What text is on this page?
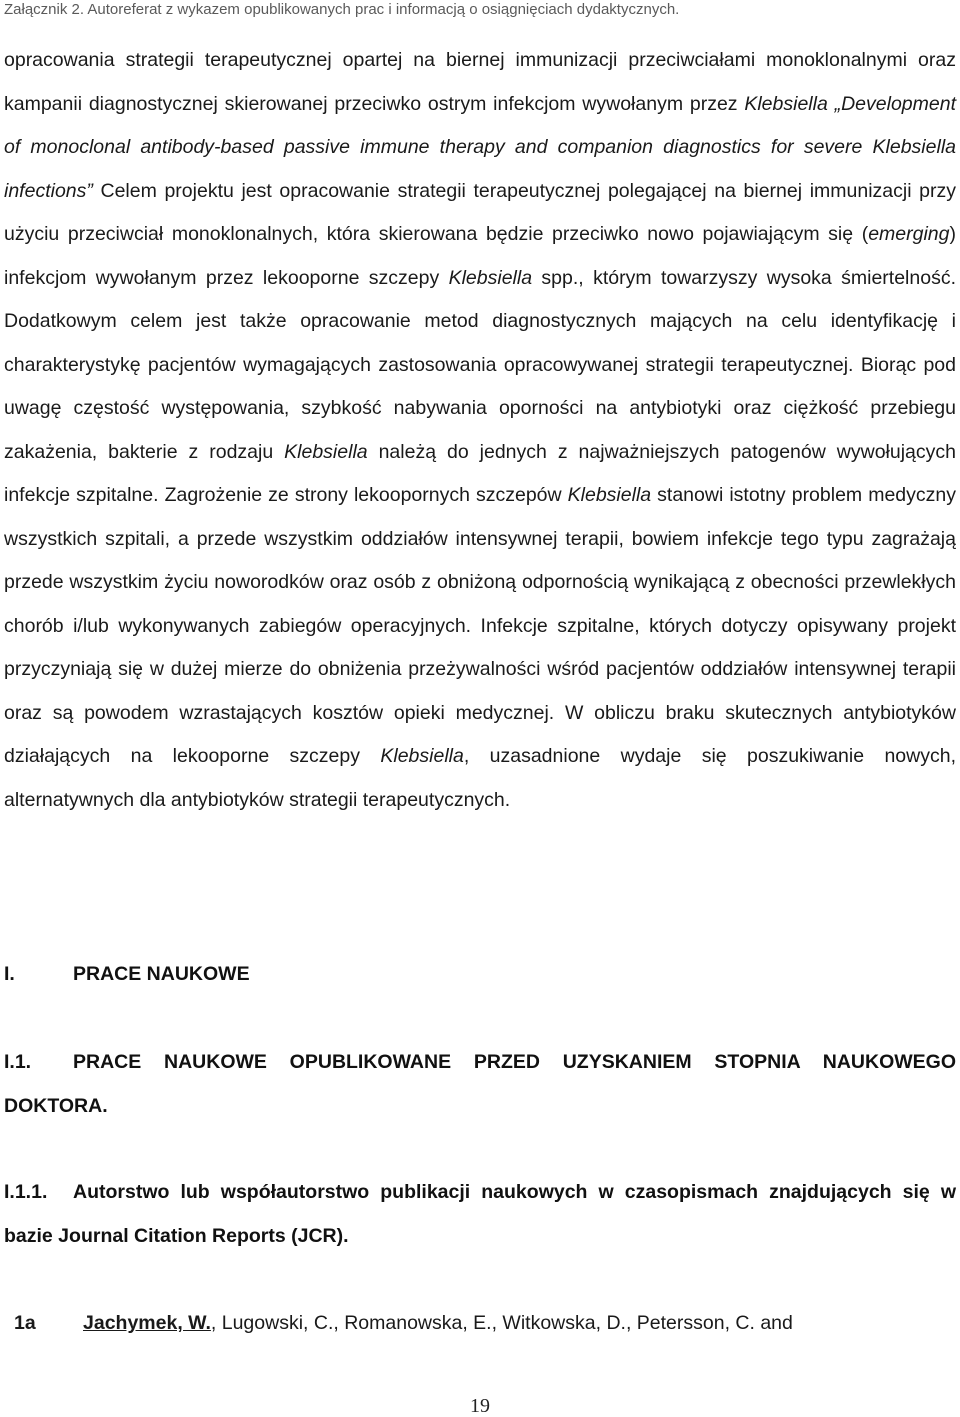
Załącznik 2. Autoreferat z wykazem opublikowanych prac i informacją o osiągnięciach dydaktycznych.

opracowania strategii terapeutycznej opartej na biernej immunizacji przeciwciałami monoklonalnymi oraz kampanii diagnostycznej skierowanej przeciwko ostrym infekcjom wywołanym przez Klebsiella „Development of monoclonal antibody-based passive immune therapy and companion diagnostics for severe Klebsiella infections” Celem projektu jest opracowanie strategii terapeutycznej polegającej na biernej immunizacji przy użyciu przeciwciał monoklonalnych, która skierowana będzie przeciwko nowo pojawiającym się (emerging) infekcjom wywołanym przez lekooporne szczepy Klebsiella spp., którym towarzyszy wysoka śmiertelność. Dodatkowym celem jest także opracowanie metod diagnostycznych mających na celu identyfikację i charakterystykę pacjentów wymagających zastosowania opracowywanej strategii terapeutycznej. Biorąc pod uwagę częstość występowania, szybkość nabywania oporności na antybiotyki oraz ciężkość przebiegu zakażenia, bakterie z rodzaju Klebsiella należą do jednych z najważniejszych patogenów wywołujących infekcje szpitalne. Zagrożenie ze strony lekoopornych szczepów Klebsiella stanowi istotny problem medyczny wszystkich szpitali, a przede wszystkim oddziałów intensywnej terapii, bowiem infekcje tego typu zagrażają przede wszystkim życiu noworodków oraz osób z obniżoną odpornością wynikającą z obecności przewlekłych chorób i/lub wykonywanych zabiegów operacyjnych. Infekcje szpitalne, których dotyczy opisywany projekt przyczyniają się w dużej mierze do obniżenia przeżywalności wśród pacjentów oddziałów intensywnej terapii oraz są powodem wzrastających kosztów opieki medycznej. W obliczu braku skutecznych antybiotyków działających na lekooporne szczepy Klebsiella, uzasadnione wydaje się poszukiwanie nowych, alternatywnych dla antybiotyków strategii terapeutycznych.

I.	PRACE NAUKOWE

I.1. PRACE NAUKOWE OPUBLIKOWANE PRZED UZYSKANIEM STOPNIA NAUKOWEGO DOKTORA.

I.1.1. Autorstwo lub współautorstwo publikacji naukowych w czasopismach znajdujących się w bazie Journal Citation Reports (JCR).

1a Jachymek, W., Lugowski, C., Romanowska, E., Witkowska, D., Petersson, C. and

19
